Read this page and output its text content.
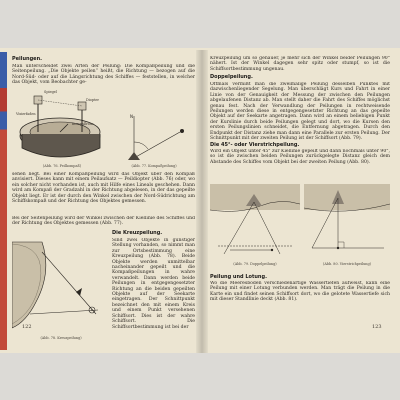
Peilungen.

Man unterscheidet zwei Arten der Peilung: Die Kompaßpeilung und die Seitenpeilung. „Die Objekte peilen“ heißt, die Richtung — bezogen auf die Nord-Süd- oder auf die Längsrichtung des Schiffes — feststellen, in welcher das Objekt, vom Beobachter ge-

Spiegel
Diopter
Visierfaden
Kompaßrose
(Abb. 76. Peilkompaß)
N
(Abb. 77. Kompaßpeilung)

sehen liegt. Bei einer Kompaßpeilung wird das Objekt über den Kompaß anvisiert. Dieses kann mit einem Peilaufsatz — Peildiopter (Abb. 76) oder, wo ein solcher nicht vorhanden ist, auch mit Hilfe eines Lineals geschehen. Dann wird am Kompaß der Gradzahl in der Richtung abgelesen, in der das gepeilte Objekt liegt. Er ist der durch den Winkel zwischen der Nord-Südrichtung am Schiffskompaß und der Richtung des Objektes gemessen.

Bei der Seitenpeilung wird der Winkel zwischen der Kiellinie des Schiffes und der Richtung des Objektes gemessen (Abb. 77).

(Abb. 78. Kreuzpeilung)

Die Kreuzpeilung.

Sind zwei Objekte in günstiger Stellung vorhanden, so nimmt man zur Ortsbestimmung eine Kreuzpeilung (Abb. 78). Beide Objekte werden unmittelbar nacheinander gepeilt und die Kompaßpeilungen in wahre verwandelt. Dann werden beide Peilungen in entgegengesetzter Richtung an die beiden gepeilten Objekte auf der Seekarte eingetragen. Der Schnittpunkt bezeichnet den mit einem Kreis und einem Punkt versehenen Schiffsort. Dies ist der wahre Schiffsort. Die Schiffsortbestimmung ist bei der

122

Kreuzpeilung um so genauer, je mehr sich der Winkel beider Peilungen 90° nähert. Ist der Winkel dagegen sehr spitz oder stumpf, so ist die Schiffsortbestimmung ungenau.

Doppelpeilung.

Oftmals vermißt man die zweimalige Peilung desselben Punktes mit dazwischenliegender Segelung. Man überschlägt Kurs und Fahrt in einer Linie von der Genauigkeit der Messung der zwischen den Peilungen abgelaufenen Distanz ab. Man stellt daher die Fahrt des Schiffes möglichst genau fest. Nach der Verwandlung der Peilungen in rechtweisende Peilungen werden diese in entgegengesetzter Richtung an das gepeilte Objekt auf der Seekarte angetragen. Dann wird an einem beliebigen Punkt der Kurslinie durch beide Peilungen gelegt und dort, wo die Kursen den ersten Peilungslinien schneidet, die Entfernung abgetragen. Durch den Endpunkt der Distanz ziehe man dann eine Parallele zur ersten Peilung. Der Schnittpunkt mit der zweiten Peilung ist der Schiffsort (Abb. 79).

Die 45°- oder Vierstrichpeilung.

Wird ein Objekt unter 45° zur Kiellinie gepeilt und dann nochmals unter 90°, so ist die zwischen beiden Peilungen zurückgelegte Distanz gleich dem Abstande des Schiffes vom Objekt bei der zweiten Peilung (Abb. 80).

(Abb. 79. Doppelpeilung)	(Abb. 80. Vierstrichpeilung)

Peilung und Lotung.

Wo die Meeresboden verschiedenartige Wassertiefen aufweist, kann eine Peilung mit einer Lotung verbunden werden. Man trägt die Peilung in die Karte ein und findet seinen Schiffsort dort, wo die gelotete Wassertiefe sich mit dieser Standlinie deckt (Abb. 81).

123
